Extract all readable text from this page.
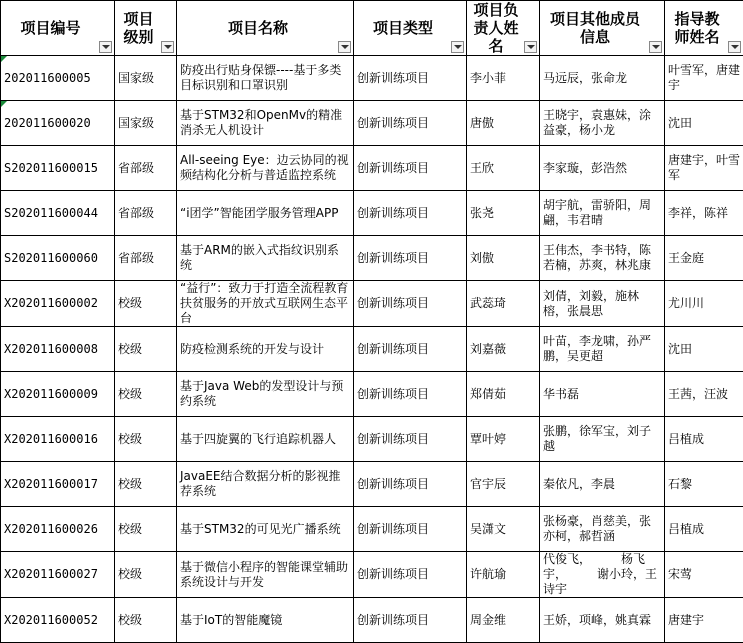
项目编号	项目级别	项目名称	项目类型	项目负责人姓名	项目其他成员信息	指导教师姓名

202011600005	国家级	防疫出行贴身保镖----基于多类目标识别和口罩识别	创新训练项目	李小菲	马远辰，张命龙	叶雪军，唐建宇

202011600020	国家级	基于STM32和OpenMv的精准消杀无人机设计	创新训练项目	唐傲	王晓宇，袁惠妹，涂益豪，杨小龙	沈田
S202011600015	省部级	All-seeing Eye：边云协同的视频结构化分析与普适监控系统	创新训练项目	王欣	李家璇，彭浩然	唐建宇，叶雪军
S202011600044	省部级	“i团学”智能团学服务管理APP	创新训练项目	张尧	胡宇航，雷骄阳，周翩，韦君晴	李祥，陈祥
S202011600060	省部级	基于ARM的嵌入式指纹识别系统	创新训练项目	刘傲	王伟杰，李书特，陈若楠，苏爽，林兆康	王金庭
X202011600002	校级	“益行”：致力于打造全流程教育扶贫服务的开放式互联网生态平台	创新训练项目	武蕊琦	刘倩，刘毅，施林榕，张晨思	尤川川
X202011600008	校级	防疫检测系统的开发与设计	创新训练项目	刘嘉薇	叶苗，李龙啸，孙严鹏，吴更超	沈田
X202011600009	校级	基于Java Web的发型设计与预约系统	创新训练项目	郑倩茹	华书磊	王茜，汪波
X202011600016	校级	基于四旋翼的飞行追踪机器人	创新训练项目	覃叶婷	张鹏，徐军宝，刘子越	吕植成
X202011600017	校级	JavaEE结合数据分析的影视推荐系统	创新训练项目	官宇辰	秦依凡，李晨	石黎
X202011600026	校级	基于STM32的可见光广播系统	创新训练项目	吴潇文	张杨豪，肖慈美，张亦柯，郝哲涵	吕植成
X202011600027	校级	基于微信小程序的智能课堂辅助系统设计与开发	创新训练项目	许航瑜	代俊飞，　　　杨飞宇，　　　谢小玲，王诗宇	宋莺
X202011600052	校级	基于IoT的智能魔镜	创新训练项目	周金维	王娇，项峰，姚真霖	唐建宇
